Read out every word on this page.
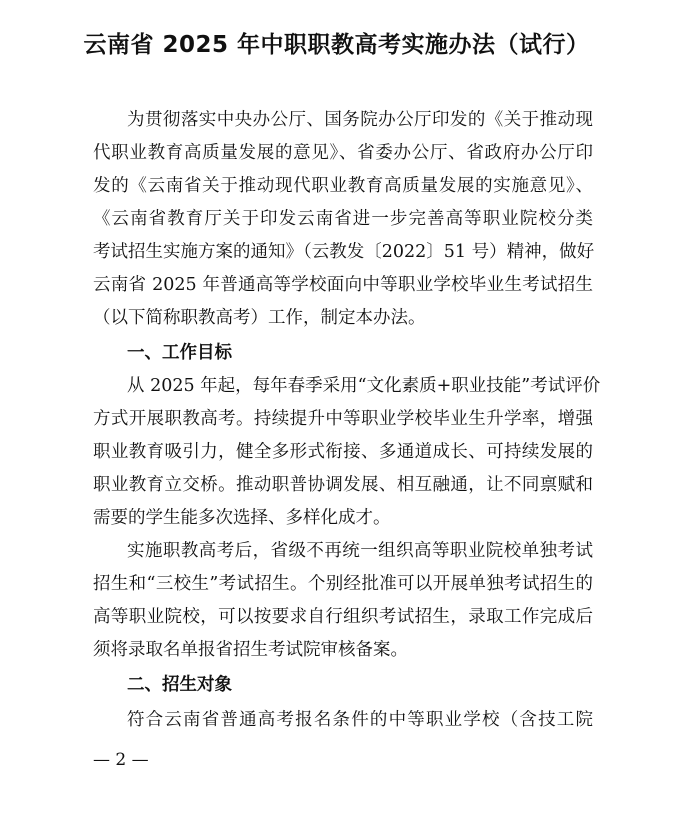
云南省 2025 年中职职教高考实施办法（试行）
为贯彻落实中央办公厅、国务院办公厅印发的《关于推动现
代职业教育高质量发展的意见》、省委办公厅、省政府办公厅印
发的《云南省关于推动现代职业教育高质量发展的实施意见》、
《云南省教育厅关于印发云南省进一步完善高等职业院校分类
考试招生实施方案的通知》（云教发〔2022〕51 号）精神，做好
云南省 2025 年普通高等学校面向中等职业学校毕业生考试招生
（以下简称职教高考）工作，制定本办法。
一、工作目标
从 2025 年起，每年春季采用“文化素质+职业技能”考试评价
方式开展职教高考。持续提升中等职业学校毕业生升学率，增强
职业教育吸引力，健全多形式衔接、多通道成长、可持续发展的
职业教育立交桥。推动职普协调发展、相互融通，让不同禀赋和
需要的学生能多次选择、多样化成才。
实施职教高考后，省级不再统一组织高等职业院校单独考试
招生和“三校生”考试招生。个别经批准可以开展单独考试招生的
高等职业院校，可以按要求自行组织考试招生，录取工作完成后
须将录取名单报省招生考试院审核备案。
二、招生对象
符合云南省普通高考报名条件的中等职业学校（含技工院
— 2 —
